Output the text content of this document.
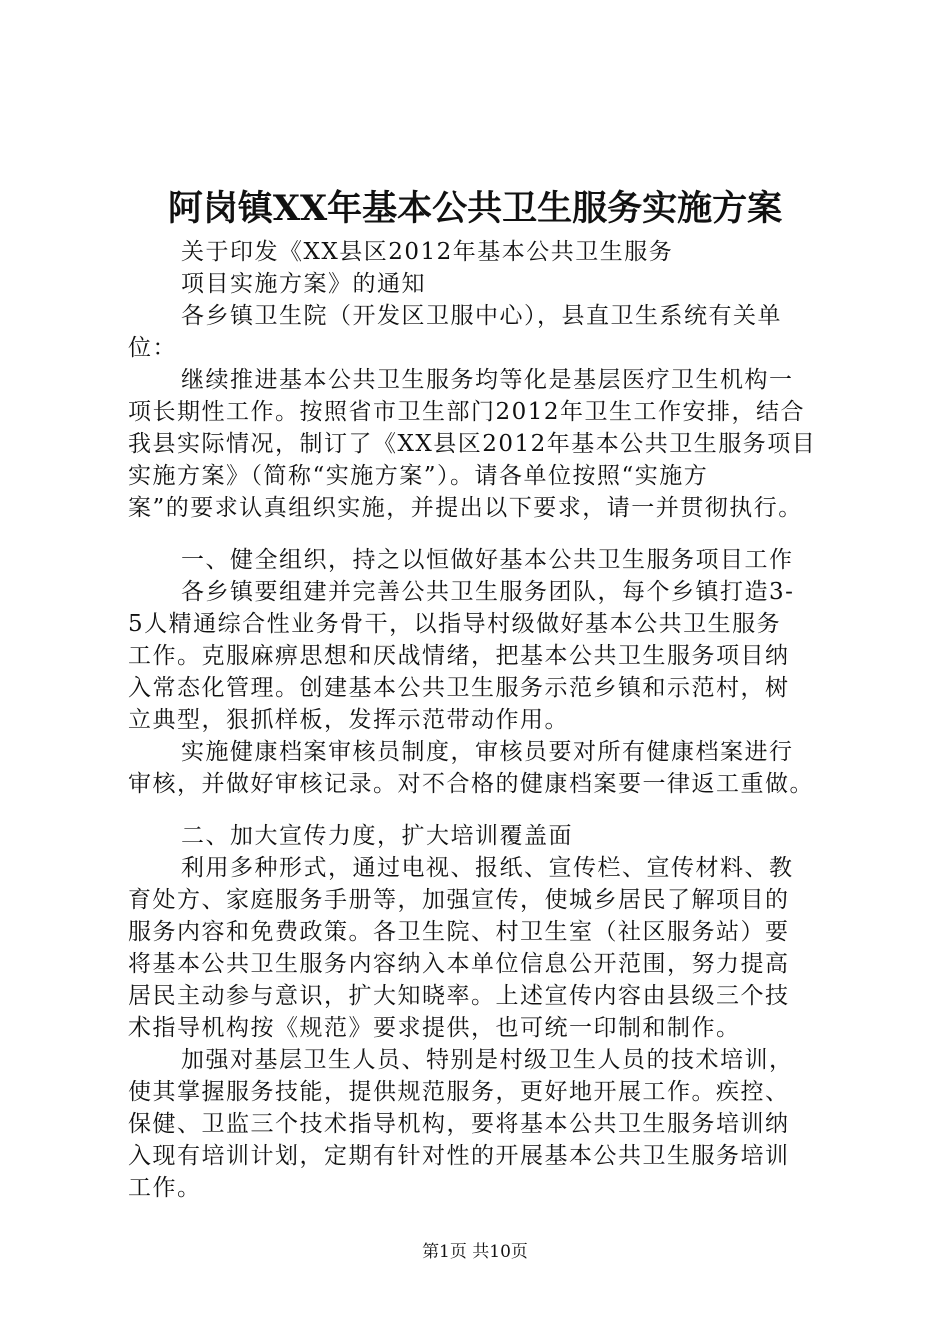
阿岗镇XX年基本公共卫生服务实施方案
关于印发《XX县区2012年基本公共卫生服务
项目实施方案》的通知
各乡镇卫生院（开发区卫服中心），县直卫生系统有关单
位：
继续推进基本公共卫生服务均等化是基层医疗卫生机构一
项长期性工作。按照省市卫生部门2012年卫生工作安排，结合
我县实际情况，制订了《XX县区2012年基本公共卫生服务项目
实施方案》（简称“实施方案”）。请各单位按照“实施方
案”的要求认真组织实施，并提出以下要求，请一并贯彻执行。
一、健全组织，持之以恒做好基本公共卫生服务项目工作
各乡镇要组建并完善公共卫生服务团队，每个乡镇打造3-
5人精通综合性业务骨干，以指导村级做好基本公共卫生服务
工作。克服麻痹思想和厌战情绪，把基本公共卫生服务项目纳
入常态化管理。创建基本公共卫生服务示范乡镇和示范村，树
立典型，狠抓样板，发挥示范带动作用。
实施健康档案审核员制度，审核员要对所有健康档案进行
审核，并做好审核记录。对不合格的健康档案要一律返工重做。
二、加大宣传力度，扩大培训覆盖面
利用多种形式，通过电视、报纸、宣传栏、宣传材料、教
育处方、家庭服务手册等，加强宣传，使城乡居民了解项目的
服务内容和免费政策。各卫生院、村卫生室（社区服务站）要
将基本公共卫生服务内容纳入本单位信息公开范围，努力提高
居民主动参与意识，扩大知晓率。上述宣传内容由县级三个技
术指导机构按《规范》要求提供，也可统一印制和制作。
加强对基层卫生人员、特别是村级卫生人员的技术培训，
使其掌握服务技能，提供规范服务，更好地开展工作。疾控、
保健、卫监三个技术指导机构，要将基本公共卫生服务培训纳
入现有培训计划，定期有针对性的开展基本公共卫生服务培训
工作。
第1页 共10页
